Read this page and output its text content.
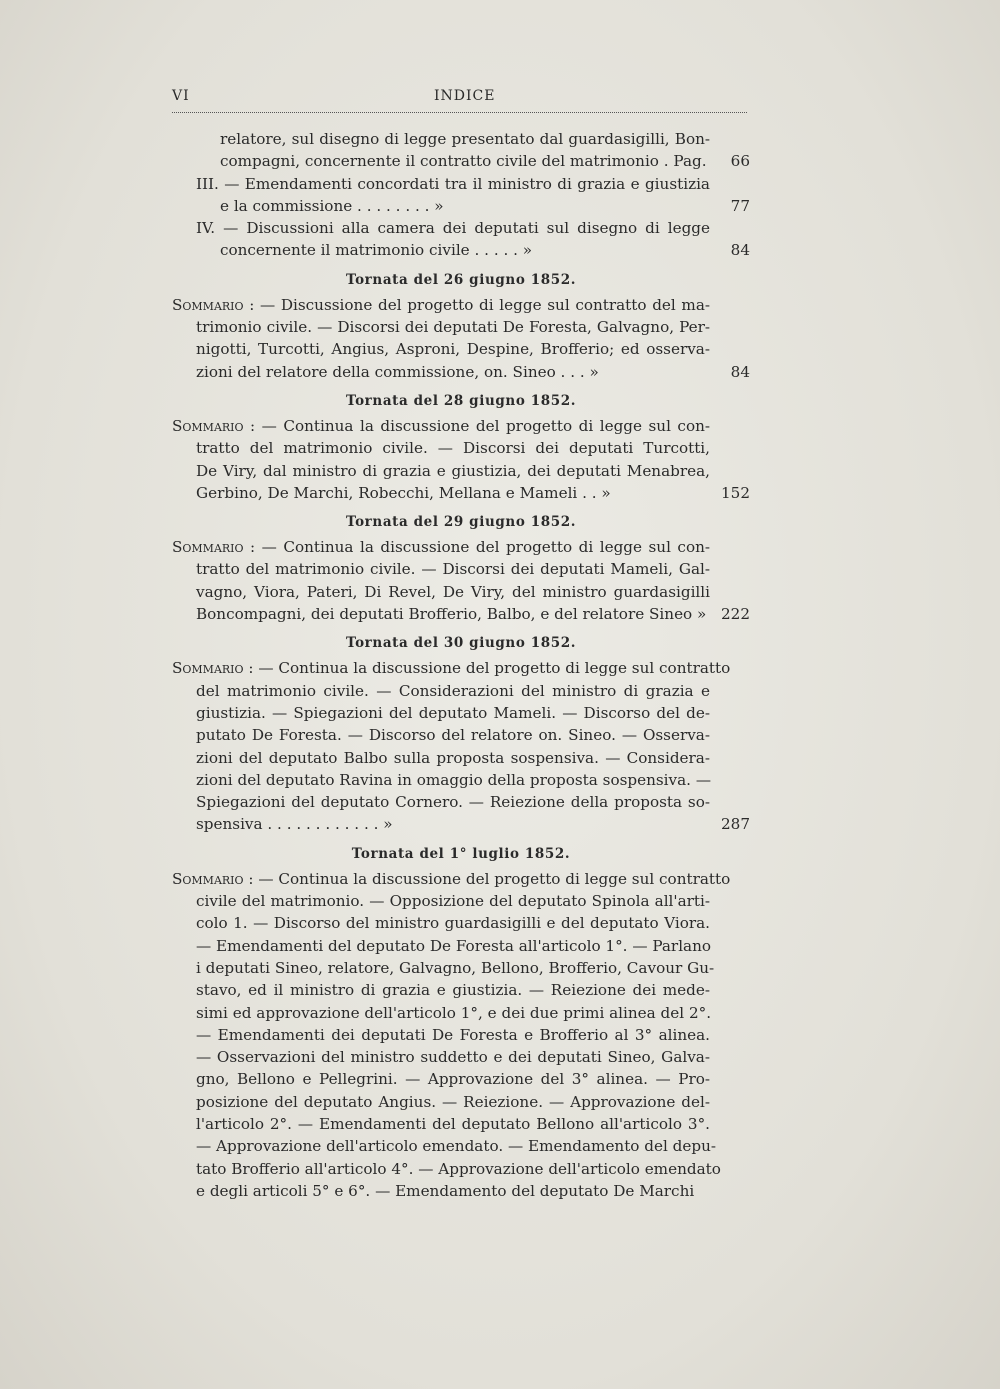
VI	INDICE
relatore, sul disegno di legge presentato dal guardasigilli, Bon-
compagni, concernente il contratto civile del matrimonio . Pag. 66
III. — Emendamenti concordati tra il ministro di grazia e giustizia
e la commissione . . . . . . . . »	77
IV. — Discussioni alla camera dei deputati sul disegno di legge
concernente il matrimonio civile . . . . . »	84
Tornata del 26 giugno 1852.
Sommario : — Discussione del progetto di legge sul contratto del ma-
trimonio civile. — Discorsi dei deputati De Foresta, Galvagno, Per-
nigotti, Turcotti, Angius, Asproni, Despine, Brofferio; ed osserva-
zioni del relatore della commissione, on. Sineo . . . »	84
Tornata del 28 giugno 1852.
Sommario : — Continua la discussione del progetto di legge sul con-
tratto del matrimonio civile. — Discorsi dei deputati Turcotti,
De Viry, dal ministro di grazia e giustizia, dei deputati Menabrea,
Gerbino, De Marchi, Robecchi, Mellana e Mameli . . »	152
Tornata del 29 giugno 1852.
Sommario : — Continua la discussione del progetto di legge sul con-
tratto del matrimonio civile. — Discorsi dei deputati Mameli, Gal-
vagno, Viora, Pateri, Di Revel, De Viry, del ministro guardasigilli
Boncompagni, dei deputati Brofferio, Balbo, e del relatore Sineo » 222
Tornata del 30 giugno 1852.
Sommario : — Continua la discussione del progetto di legge sul contratto
del matrimonio civile. — Considerazioni del ministro di grazia e
giustizia. — Spiegazioni del deputato Mameli. — Discorso del de-
putato De Foresta. — Discorso del relatore on. Sineo. — Osserva-
zioni del deputato Balbo sulla proposta sospensiva. — Considera-
zioni del deputato Ravina in omaggio della proposta sospensiva. —
Spiegazioni del deputato Cornero. — Reiezione della proposta so-
spensiva . . . . . . . . . . . . »	287
Tornata del 1° luglio 1852.
Sommario : — Continua la discussione del progetto di legge sul contratto
civile del matrimonio. — Opposizione del deputato Spinola all'arti-
colo 1. — Discorso del ministro guardasigilli e del deputato Viora.
— Emendamenti del deputato De Foresta all'articolo 1°. — Parlano
i deputati Sineo, relatore, Galvagno, Bellono, Brofferio, Cavour Gu-
stavo, ed il ministro di grazia e giustizia. — Reiezione dei mede-
simi ed approvazione dell'articolo 1°, e dei due primi alinea del 2°.
— Emendamenti dei deputati De Foresta e Brofferio al 3° alinea.
— Osservazioni del ministro suddetto e dei deputati Sineo, Galva-
gno, Bellono e Pellegrini. — Approvazione del 3° alinea. — Pro-
posizione del deputato Angius. — Reiezione. — Approvazione del-
l'articolo 2°. — Emendamenti del deputato Bellono all'articolo 3°.
— Approvazione dell'articolo emendato. — Emendamento del depu-
tato Brofferio all'articolo 4°. — Approvazione dell'articolo emendato
e degli articoli 5° e 6°. — Emendamento del deputato De Marchi
